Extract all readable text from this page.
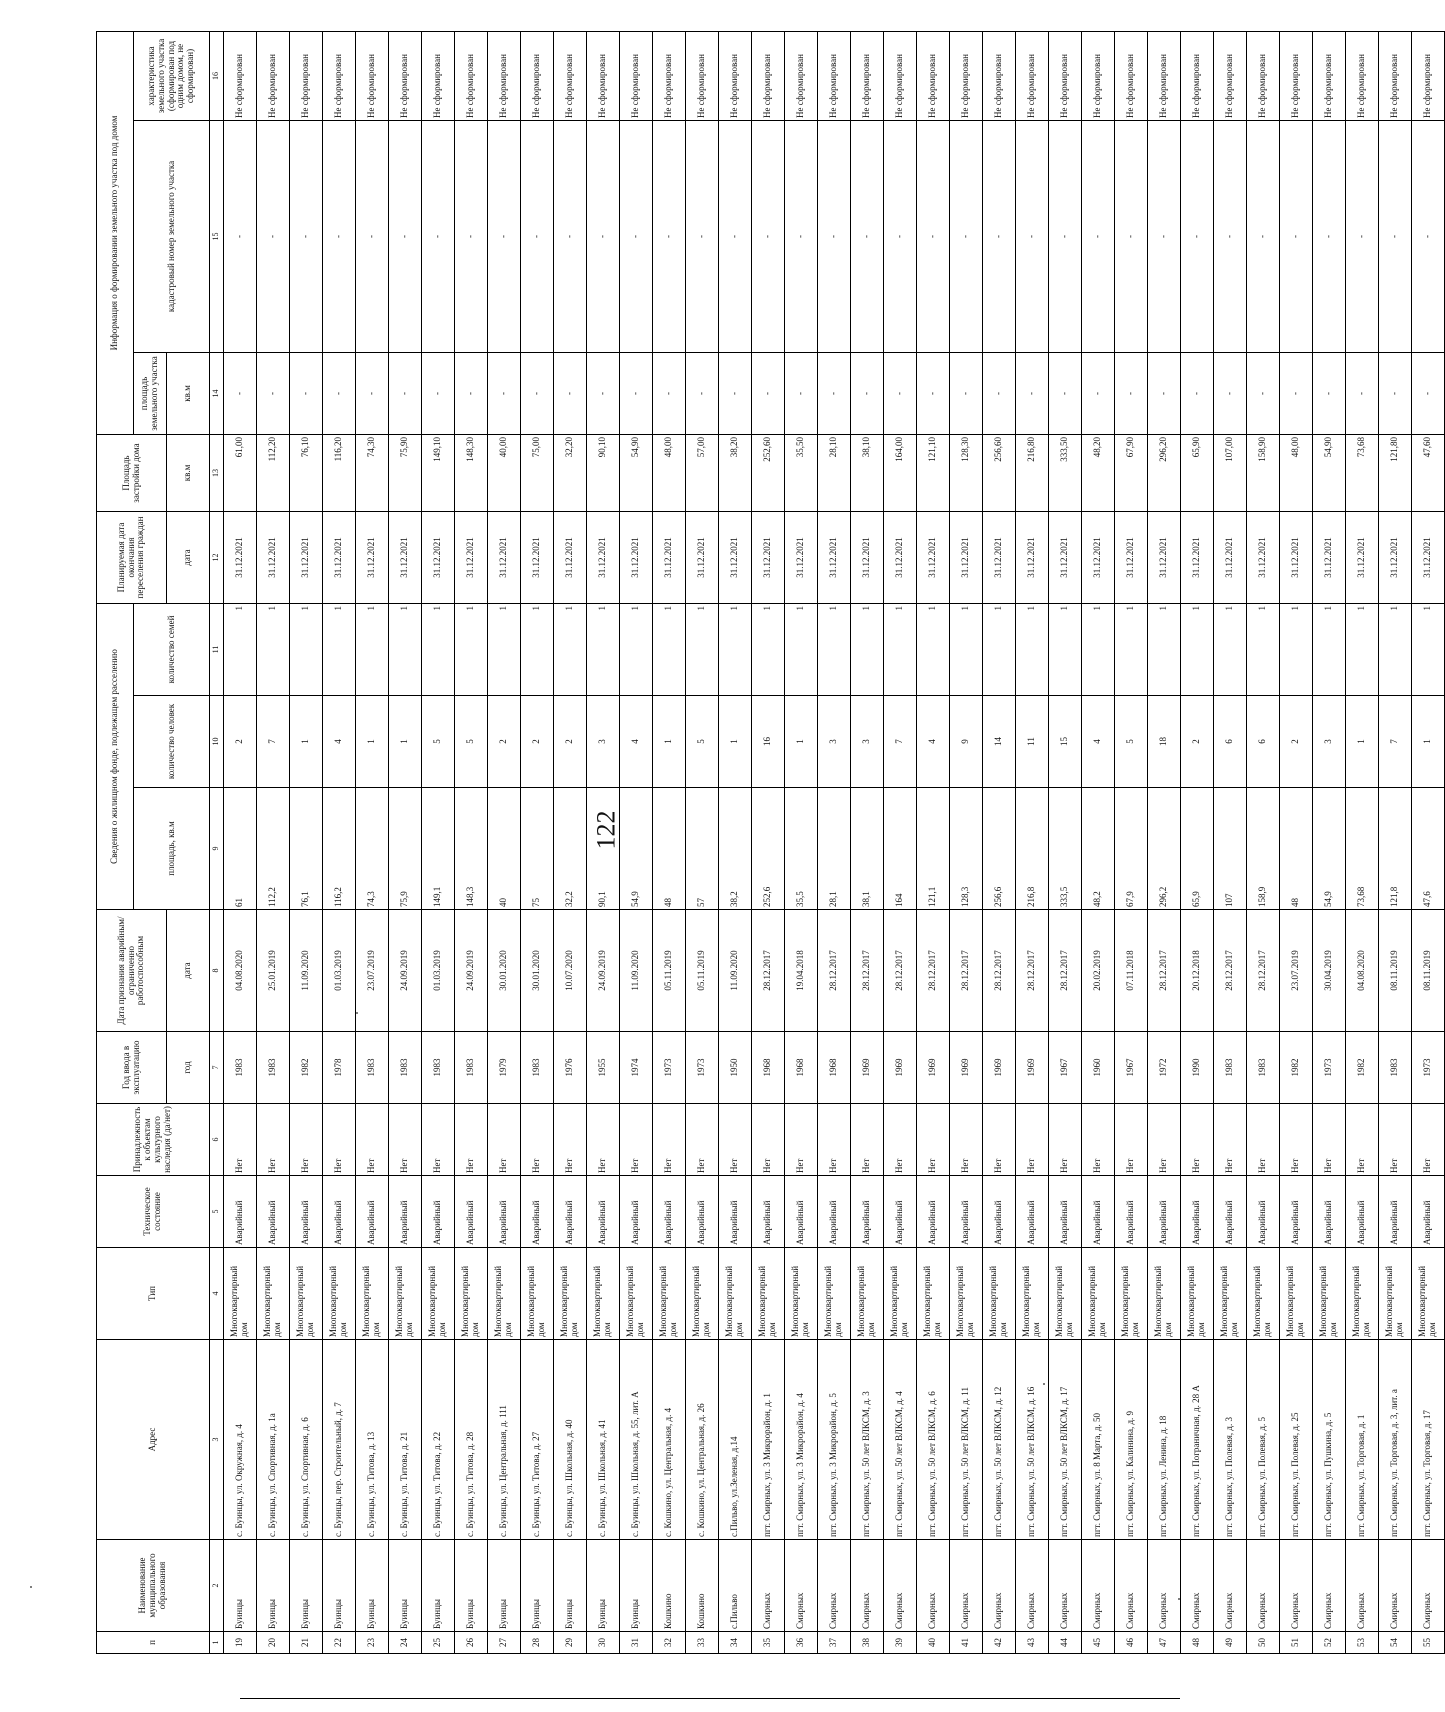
122
п	Наименование муниципального образования	Адрес	Тип	Техническое состояние	Принадлежность к объектам культурного наследия (да/нет)	Год ввода в эксплуатацию	Дата признания аварийным/ограниченно работоспособным	Сведения о жилищном фонде, подлежащем расселению			Планируемая дата окончания переселения граждан	Площадь застройки дома	Информация о формировании земельного участка под домом		
								площадь, кв.м	количество человек	количество семей			площадь земельного участка	кадастровый номер земельного участка	характеристика земельного участка (сформирован под одним домом, не сформирован)
						год	дата				дата	кв.м	кв.м		
1	2	3	4	5	6	7	8	9	10	11	12	13	14	15	16
19	Буинцы	с. Буинцы, ул. Окружная, д. 4	Многоквартирный дом	Аварийный	Нет	1983	04.08.2020	61	2	1	31.12.2021	61,00	-	-	Не сформирован
20	Буинцы	с. Буинцы, ул. Спортивная, д. 1а	Многоквартирный дом	Аварийный	Нет	1983	25.01.2019	112,2	7	1	31.12.2021	112,20	-	-	Не сформирован
21	Буинцы	с. Буинцы, ул. Спортивная, д. 6	Многоквартирный дом	Аварийный	Нет	1982	11.09.2020	76,1	1	1	31.12.2021	76,10	-	-	Не сформирован
22	Буинцы	с. Буинцы, пер. Строительный, д. 7	Многоквартирный дом	Аварийный	Нет	1978	01.03.2019	116,2	4	1	31.12.2021	116,20	-	-	Не сформирован
23	Буинцы	с. Буинцы, ул. Титова, д. 13	Многоквартирный дом	Аварийный	Нет	1983	23.07.2019	74,3	1	1	31.12.2021	74,30	-	-	Не сформирован
24	Буинцы	с. Буинцы, ул. Титова, д. 21	Многоквартирный дом	Аварийный	Нет	1983	24.09.2019	75,9	1	1	31.12.2021	75,90	-	-	Не сформирован
25	Буинцы	с. Буинцы, ул. Титова, д. 22	Многоквартирный дом	Аварийный	Нет	1983	01.03.2019	149,1	5	1	31.12.2021	149,10	-	-	Не сформирован
26	Буинцы	с. Буинцы, ул. Титова, д. 28	Многоквартирный дом	Аварийный	Нет	1983	24.09.2019	148,3	5	1	31.12.2021	148,30	-	-	Не сформирован
27	Буинцы	с. Буинцы, ул. Центральная, д. 111	Многоквартирный дом	Аварийный	Нет	1979	30.01.2020	40	2	1	31.12.2021	40,00	-	-	Не сформирован
28	Буинцы	с. Буинцы, ул. Титова, д. 27	Многоквартирный дом	Аварийный	Нет	1983	30.01.2020	75	2	1	31.12.2021	75,00	-	-	Не сформирован
29	Буинцы	с. Буинцы, ул. Школьная, д. 40	Многоквартирный дом	Аварийный	Нет	1976	10.07.2020	32,2	2	1	31.12.2021	32,20	-	-	Не сформирован
30	Буинцы	с. Буинцы, ул. Школьная, д. 41	Многоквартирный дом	Аварийный	Нет	1955	24.09.2019	90,1	3	1	31.12.2021	90,10	-	-	Не сформирован
31	Буинцы	с. Буинцы, ул. Школьная, д. 55, лит. А	Многоквартирный дом	Аварийный	Нет	1974	11.09.2020	54,9	4	1	31.12.2021	54,90	-	-	Не сформирован
32	Кошкино	с. Кошкино, ул. Центральная, д. 4	Многоквартирный дом	Аварийный	Нет	1973	05.11.2019	48	1	1	31.12.2021	48,00	-	-	Не сформирован
33	Кошкино	с. Кошкино, ул. Центральная, д. 26	Многоквартирный дом	Аварийный	Нет	1973	05.11.2019	57	5	1	31.12.2021	57,00	-	-	Не сформирован
34	с.Пильво	с.Пильво, ул.Зеленая, д.14	Многоквартирный дом	Аварийный	Нет	1950	11.09.2020	38,2	1	1	31.12.2021	38,20	-	-	Не сформирован
35	Смирных	пгт. Смирных, ул. 3 Микрорайон, д. 1	Многоквартирный дом	Аварийный	Нет	1968	28.12.2017	252,6	16	1	31.12.2021	252,60	-	-	Не сформирован
36	Смирных	пгт. Смирных, ул. 3 Микрорайон, д. 4	Многоквартирный дом	Аварийный	Нет	1968	19.04.2018	35,5	1	1	31.12.2021	35,50	-	-	Не сформирован
37	Смирных	пгт. Смирных, ул. 3 Микрорайон, д. 5	Многоквартирный дом	Аварийный	Нет	1968	28.12.2017	28,1	3	1	31.12.2021	28,10	-	-	Не сформирован
38	Смирных	пгт. Смирных, ул. 50 лет ВЛКСМ, д. 3	Многоквартирный дом	Аварийный	Нет	1969	28.12.2017	38,1	3	1	31.12.2021	38,10	-	-	Не сформирован
39	Смирных	пгт. Смирных, ул. 50 лет ВЛКСМ, д. 4	Многоквартирный дом	Аварийный	Нет	1969	28.12.2017	164	7	1	31.12.2021	164,00	-	-	Не сформирован
40	Смирных	пгт. Смирных, ул. 50 лет ВЛКСМ, д. 6	Многоквартирный дом	Аварийный	Нет	1969	28.12.2017	121,1	4	1	31.12.2021	121,10	-	-	Не сформирован
41	Смирных	пгт. Смирных, ул. 50 лет ВЛКСМ, д. 11	Многоквартирный дом	Аварийный	Нет	1969	28.12.2017	128,3	9	1	31.12.2021	128,30	-	-	Не сформирован
42	Смирных	пгт. Смирных, ул. 50 лет ВЛКСМ, д. 12	Многоквартирный дом	Аварийный	Нет	1969	28.12.2017	256,6	14	1	31.12.2021	256,60	-	-	Не сформирован
43	Смирных	пгт. Смирных, ул. 50 лет ВЛКСМ, д. 16	Многоквартирный дом	Аварийный	Нет	1969	28.12.2017	216,8	11	1	31.12.2021	216,80	-	-	Не сформирован
44	Смирных	пгт. Смирных, ул. 50 лет ВЛКСМ, д. 17	Многоквартирный дом	Аварийный	Нет	1967	28.12.2017	333,5	15	1	31.12.2021	333,50	-	-	Не сформирован
45	Смирных	пгт. Смирных, ул. 8 Марта, д. 50	Многоквартирный дом	Аварийный	Нет	1960	20.02.2019	48,2	4	1	31.12.2021	48,20	-	-	Не сформирован
46	Смирных	пгт. Смирных, ул. Калинина, д. 9	Многоквартирный дом	Аварийный	Нет	1967	07.11.2018	67,9	5	1	31.12.2021	67,90	-	-	Не сформирован
47	Смирных	пгт. Смирных, ул. Ленина, д. 18	Многоквартирный дом	Аварийный	Нет	1972	28.12.2017	296,2	18	1	31.12.2021	296,20	-	-	Не сформирован
48	Смирных	пгт. Смирных, ул. Пограничная, д. 28 А	Многоквартирный дом	Аварийный	Нет	1990	20.12.2018	65,9	2	1	31.12.2021	65,90	-	-	Не сформирован
49	Смирных	пгт. Смирных, ул. Полевая, д. 3	Многоквартирный дом	Аварийный	Нет	1983	28.12.2017	107	6	1	31.12.2021	107,00	-	-	Не сформирован
50	Смирных	пгт. Смирных, ул. Полевая, д. 5	Многоквартирный дом	Аварийный	Нет	1983	28.12.2017	158,9	6	1	31.12.2021	158,90	-	-	Не сформирован
51	Смирных	пгт. Смирных, ул. Полевая, д. 25	Многоквартирный дом	Аварийный	Нет	1982	23.07.2019	48	2	1	31.12.2021	48,00	-	-	Не сформирован
52	Смирных	пгт. Смирных, ул. Пушкина, д. 5	Многоквартирный дом	Аварийный	Нет	1973	30.04.2019	54,9	3	1	31.12.2021	54,90	-	-	Не сформирован
53	Смирных	пгт. Смирных, ул. Торговая, д. 1	Многоквартирный дом	Аварийный	Нет	1982	04.08.2020	73,68	1	1	31.12.2021	73,68	-	-	Не сформирован
54	Смирных	пгт. Смирных, ул. Торговая, д. 3, лит. а	Многоквартирный дом	Аварийный	Нет	1983	08.11.2019	121,8	7	1	31.12.2021	121,80	-	-	Не сформирован
55	Смирных	пгт. Смирных, ул. Торговая, д. 17	Многоквартирный дом	Аварийный	Нет	1973	08.11.2019	47,6	1	1	31.12.2021	47,60	-	-	Не сформирован
